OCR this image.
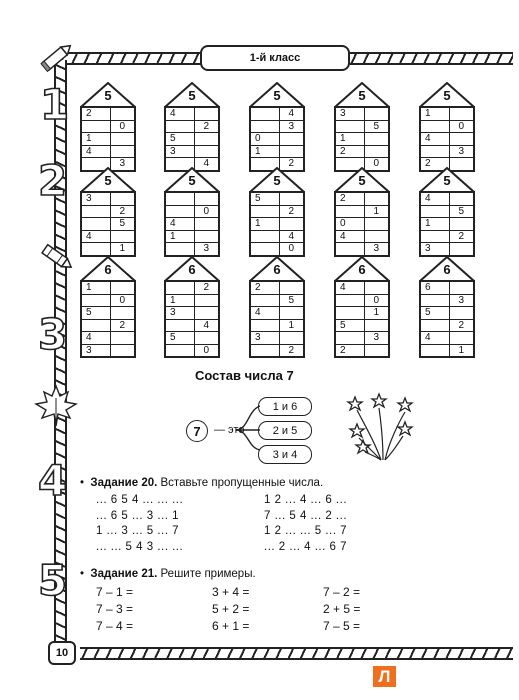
1-й класс
10
1
2
3
4
5
5
2
0
1
4
3
5
4
2
5
3
4
5
4
3
0
1
2
5
3
5
1
2
0
5
1
0
4
3
2
5
3
2
5
4
1
5
0
4
1
3
5
5
2
1
4
0
5
2
1
0
4
3
5
4
5
1
2
3
6
1
0
5
2
4
3
6
2
1
3
4
5
0
6
2
5
4
1
3
2
6
4
0
1
5
3
2
6
6
3
5
2
4
1
Состав числа 7
7	— это
1 и 6
2 и 5
3 и 4
•  Задание 20. Вставьте пропущенные числа.
... 6 5 4 ... ... ...
... 6 5 ... 3 ... 1
1 ... 3 ... 5 ... 7
... ... 5 4 3 ... ...
1 2 ... 4 ... 6 ...
7 ... 5 4 ... 2 ...
1 2 ... ... 5 ... 7
... 2 ... 4 ... 6 7
•  Задание 21. Решите примеры.
7 – 1 =
7 – 3 =
7 – 4 =
3 + 4 =
5 + 2 =
6 + 1 =
7 – 2 =
2 + 5 =
7 – 5 =
Л
